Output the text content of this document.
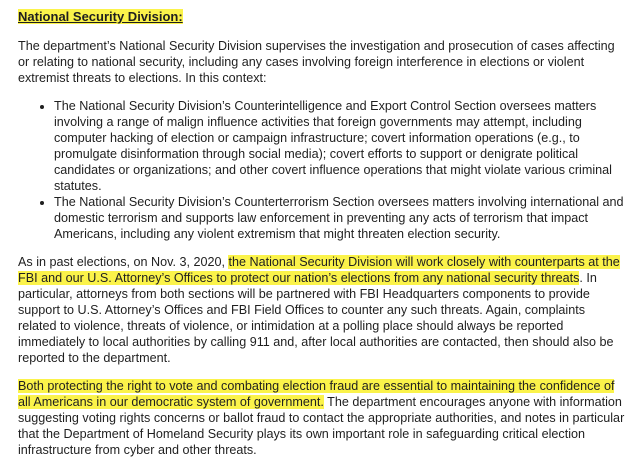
National Security Division:

The department’s National Security Division supervises the investigation and prosecution of cases affecting or relating to national security, including any cases involving foreign interference in elections or violent extremist threats to elections. In this context:

• The National Security Division’s Counterintelligence and Export Control Section oversees matters involving a range of malign influence activities that foreign governments may attempt, including computer hacking of election or campaign infrastructure; covert information operations (e.g., to promulgate disinformation through social media); covert efforts to support or denigrate political candidates or organizations; and other covert influence operations that might violate various criminal statutes.
• The National Security Division’s Counterterrorism Section oversees matters involving international and domestic terrorism and supports law enforcement in preventing any acts of terrorism that impact Americans, including any violent extremism that might threaten election security.

As in past elections, on Nov. 3, 2020, the National Security Division will work closely with counterparts at the FBI and our U.S. Attorney’s Offices to protect our nation’s elections from any national security threats. In particular, attorneys from both sections will be partnered with FBI Headquarters components to provide support to U.S. Attorney’s Offices and FBI Field Offices to counter any such threats. Again, complaints related to violence, threats of violence, or intimidation at a polling place should always be reported immediately to local authorities by calling 911 and, after local authorities are contacted, then should also be reported to the department.

Both protecting the right to vote and combating election fraud are essential to maintaining the confidence of all Americans in our democratic system of government. The department encourages anyone with information suggesting voting rights concerns or ballot fraud to contact the appropriate authorities, and notes in particular that the Department of Homeland Security plays its own important role in safeguarding critical election infrastructure from cyber and other threats.
